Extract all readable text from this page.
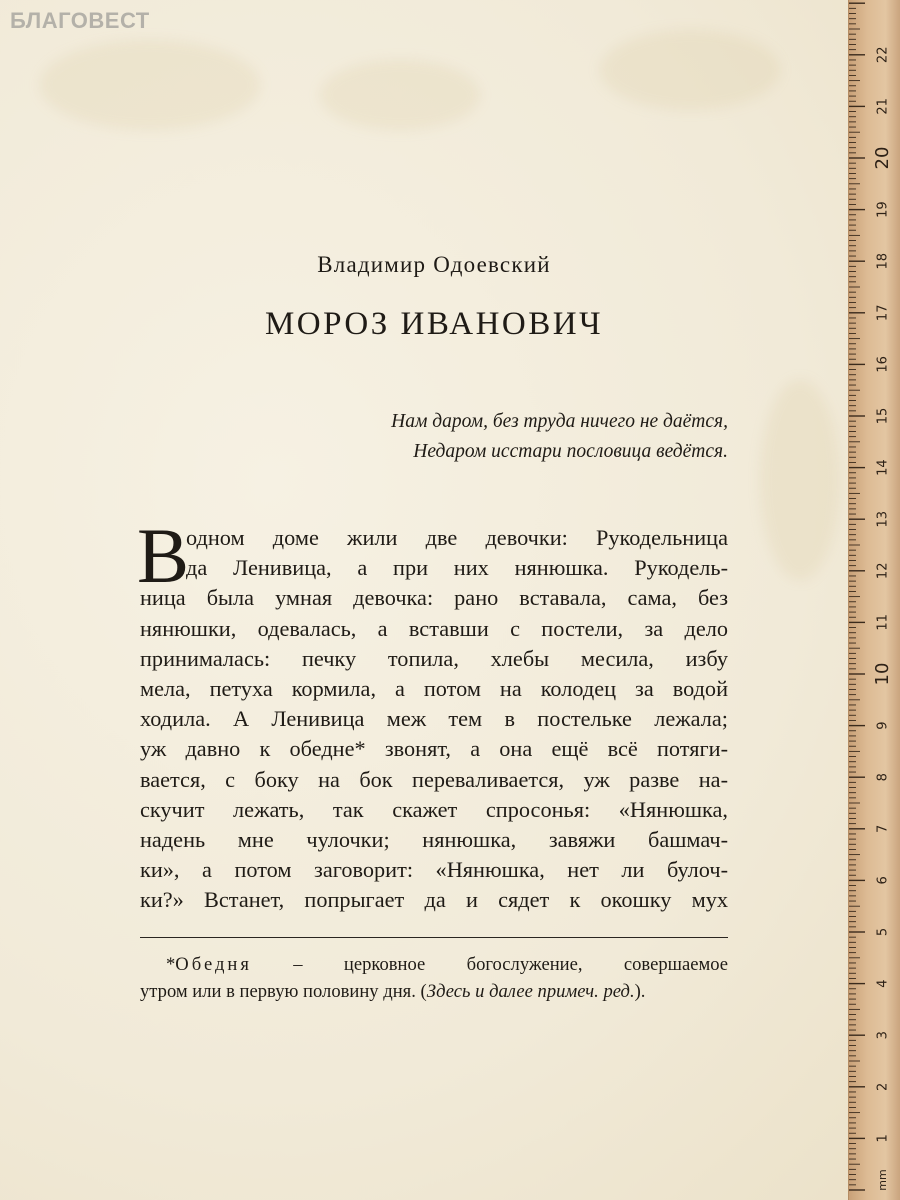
БЛАГОВЕСТ
Владимир Одоевский
МОРОЗ ИВАНОВИЧ
Нам даром, без труда ничего не даётся,
Недаром исстари пословица ведётся.
В
одном доме жили две девочки: Рукодельница
да Ленивица, а при них нянюшка. Рукодель-
ница была умная девочка: рано вставала, сама, без
нянюшки, одевалась, а вставши с постели, за дело
принималась: печку топила, хлебы месила, избу
мела, петуха кормила, а потом на колодец за водой
ходила. А Ленивица меж тем в постельке лежала;
уж давно к обедне* звонят, а она ещё всё потяги-
вается, с боку на бок переваливается, уж разве на-
скучит лежать, так скажет спросонья: «Нянюшка,
надень мне чулочки; нянюшка, завяжи башмач-
ки», а потом заговорит: «Нянюшка, нет ли булоч-
ки?» Встанет, попрыгает да и сядет к окошку мух
*Обедня – церковное богослужение, совершаемое
утром или в первую половину дня. (Здесь и далее примеч. ред.).
1
2
3
4
5
6
7
8
9
10
11
12
13
14
15
16
17
18
19
20
21
22
mm
